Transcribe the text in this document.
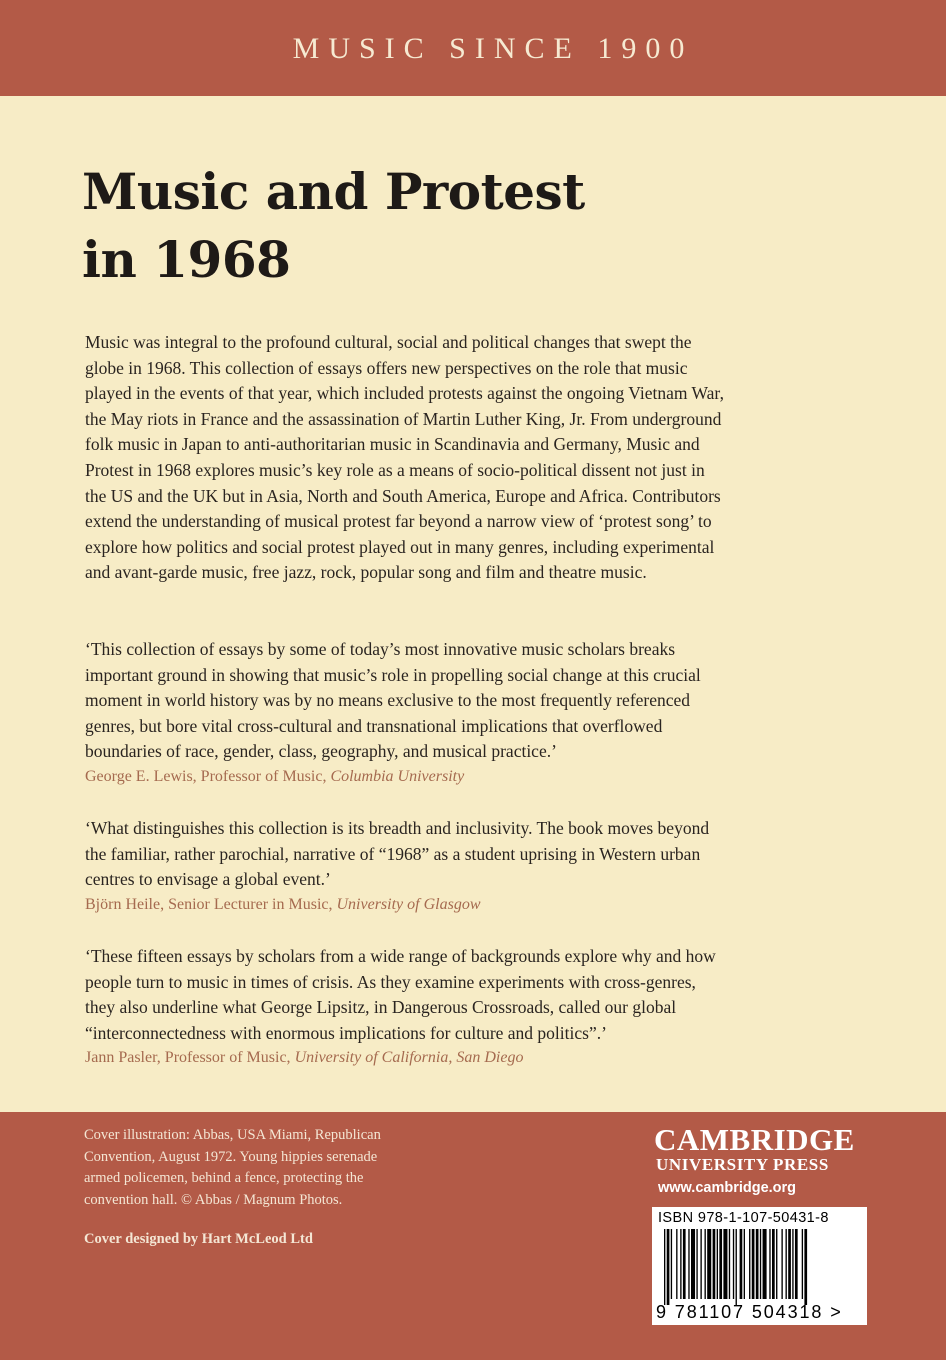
MUSIC SINCE 1900
Music and Protest
in 1968
Music was integral to the profound cultural, social and political changes that swept the
globe in 1968. This collection of essays offers new perspectives on the role that music
played in the events of that year, which included protests against the ongoing Vietnam War,
the May riots in France and the assassination of Martin Luther King, Jr. From underground
folk music in Japan to anti-authoritarian music in Scandinavia and Germany, Music and
Protest in 1968 explores music’s key role as a means of socio-political dissent not just in
the US and the UK but in Asia, North and South America, Europe and Africa. Contributors
extend the understanding of musical protest far beyond a narrow view of ‘protest song’ to
explore how politics and social protest played out in many genres, including experimental
and avant-garde music, free jazz, rock, popular song and film and theatre music.
‘This collection of essays by some of today’s most innovative music scholars breaks
important ground in showing that music’s role in propelling social change at this crucial
moment in world history was by no means exclusive to the most frequently referenced
genres, but bore vital cross-cultural and transnational implications that overflowed
boundaries of race, gender, class, geography, and musical practice.’
George E. Lewis, Professor of Music, Columbia University
‘What distinguishes this collection is its breadth and inclusivity. The book moves beyond
the familiar, rather parochial, narrative of “1968” as a student uprising in Western urban
centres to envisage a global event.’
Björn Heile, Senior Lecturer in Music, University of Glasgow
‘These fifteen essays by scholars from a wide range of backgrounds explore why and how
people turn to music in times of crisis. As they examine experiments with cross-genres,
they also underline what George Lipsitz, in Dangerous Crossroads, called our global
“interconnectedness with enormous implications for culture and politics”.’
Jann Pasler, Professor of Music, University of California, San Diego
Cover illustration: Abbas, USA Miami, Republican
Convention, August 1972. Young hippies serenade
armed policemen, behind a fence, protecting the
convention hall. © Abbas / Magnum Photos.
Cover designed by Hart McLeod Ltd
CAMBRIDGE
UNIVERSITY PRESS
www.cambridge.org
ISBN 978-1-107-50431-8
9 781107 504318 >
